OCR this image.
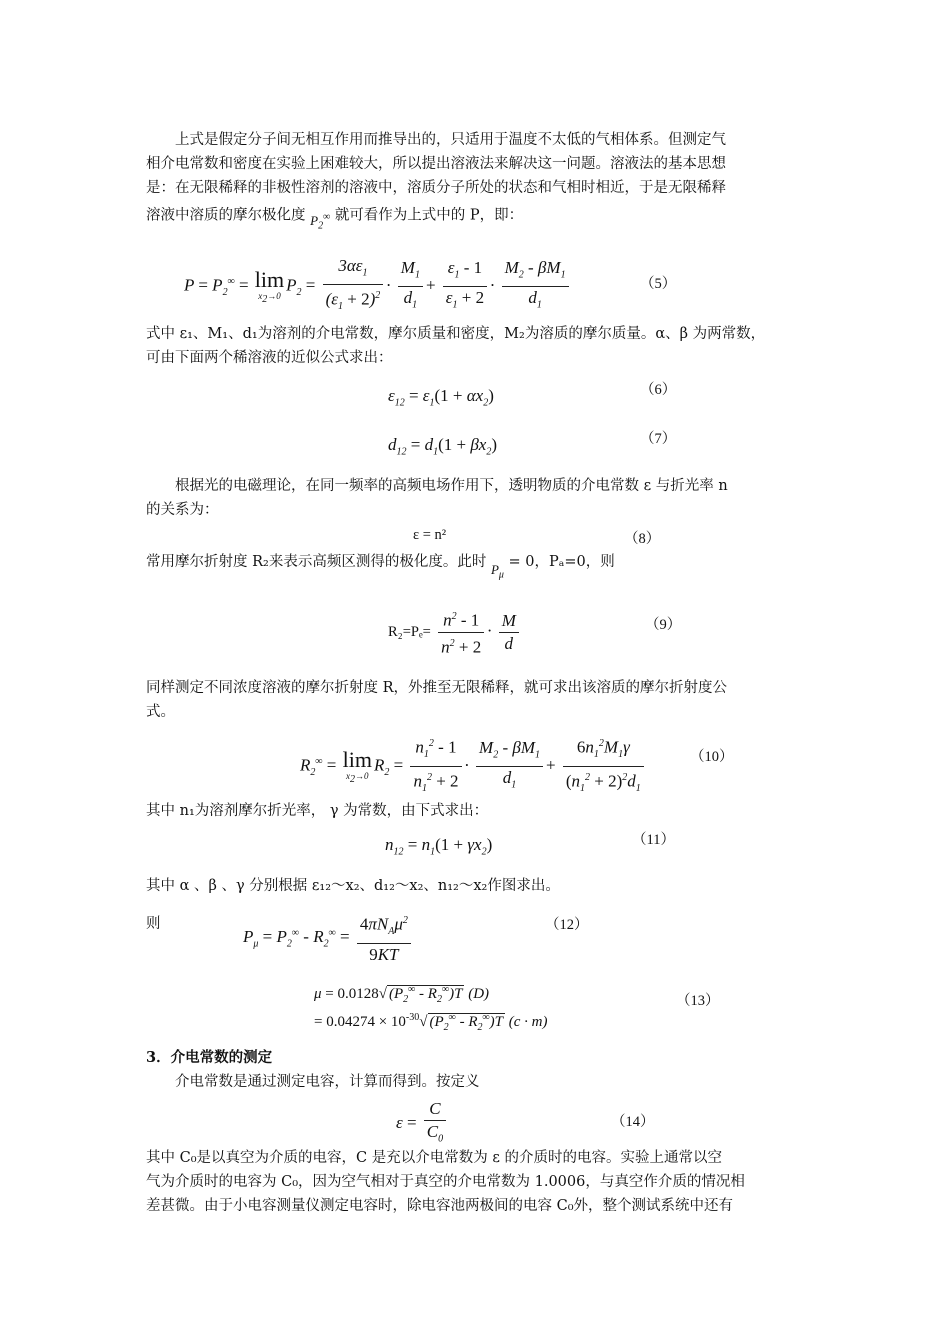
上式是假定分子间无相互作用而推导出的，只适用于温度不太低的气相体系。但测定气

相介电常数和密度在实验上困难较大，所以提出溶液法来解决这一问题。溶液法的基本思想

是：在无限稀释的非极性溶剂的溶液中，溶质分子所处的状态和气相时相近，于是无限稀释

溶液中溶质的摩尔极化度 $P_2^\infty$ 就可看作为上式中的 P，即：

$P = P_2^\infty = \lim$
$x_2\to 0$
$P_2 = \frac{3\alpha\varepsilon_1}{(\varepsilon_1 + 2)^2} \cdot \frac{M_1}{d_1} + \frac{\varepsilon_1 - 1}{\varepsilon_1 + 2} \cdot \frac{M_2 - \beta M_1}{d_1}$	（5）

式中 ε₁、M₁、d₁为溶剂的介电常数，摩尔质量和密度，M₂为溶质的摩尔质量。α、β 为两常数，

可由下面两个稀溶液的近似公式求出：

$\varepsilon_{12} = \varepsilon_1(1 + \alpha x_2)$	（6）
$d_{12} = d_1(1 + \beta x_2)$	（7）

根据光的电磁理论，在同一频率的高频电场作用下，透明物质的介电常数 ε 与折光率 n

的关系为：

ε = n²	（8）

常用摩尔折射度 R₂来表示高频区测得的极化度。此时 $P_\mu = 0$，Pₐ=0，则

$R_2=P_e= \frac{n^2 - 1}{n^2 + 2} \cdot \frac{M}{d}$	（9）

同样测定不同浓度溶液的摩尔折射度 R，外推至无限稀释，就可求出该溶质的摩尔折射度公

式。

$R_2^\infty = \lim$
$x_2\to 0$
$R_2 = \frac{n_1^2 - 1}{n_1^2 + 2} \cdot \frac{M_2 - \beta M_1}{d_1} + \frac{6n_1^2M_1\gamma}{(n_1^2 + 2)^2d_1}$	（10）

其中 n₁为溶剂摩尔折光率， γ 为常数，由下式求出：

$n_{12} = n_1(1 + \gamma x_2)$	（11）

其中 α 、β 、γ 分别根据 ε₁₂～x₂、d₁₂～x₂、n₁₂～x₂作图求出。

则

$P_\mu = P_2^\infty - R_2^\infty = \frac{4\pi N_A\mu^2}{9KT}$	（12）
μ = 0.0128√ $(P_2^\infty - R_2^\infty)T$ (D)
= $0.04274 \times 10^{-30}√$ $(P_2^\infty - R_2^\infty)T$ (c · m)
（13）
3．介电常数的测定

介电常数是通过测定电容，计算而得到。按定义

$\varepsilon = \frac{C}{C_0}$	（14）

其中 C₀是以真空为介质的电容，C 是充以介电常数为 ε 的介质时的电容。实验上通常以空

气为介质时的电容为 C₀，因为空气相对于真空的介电常数为 1.0006，与真空作介质的情况相

差甚微。由于小电容测量仪测定电容时，除电容池两极间的电容 C₀外，整个测试系统中还有
